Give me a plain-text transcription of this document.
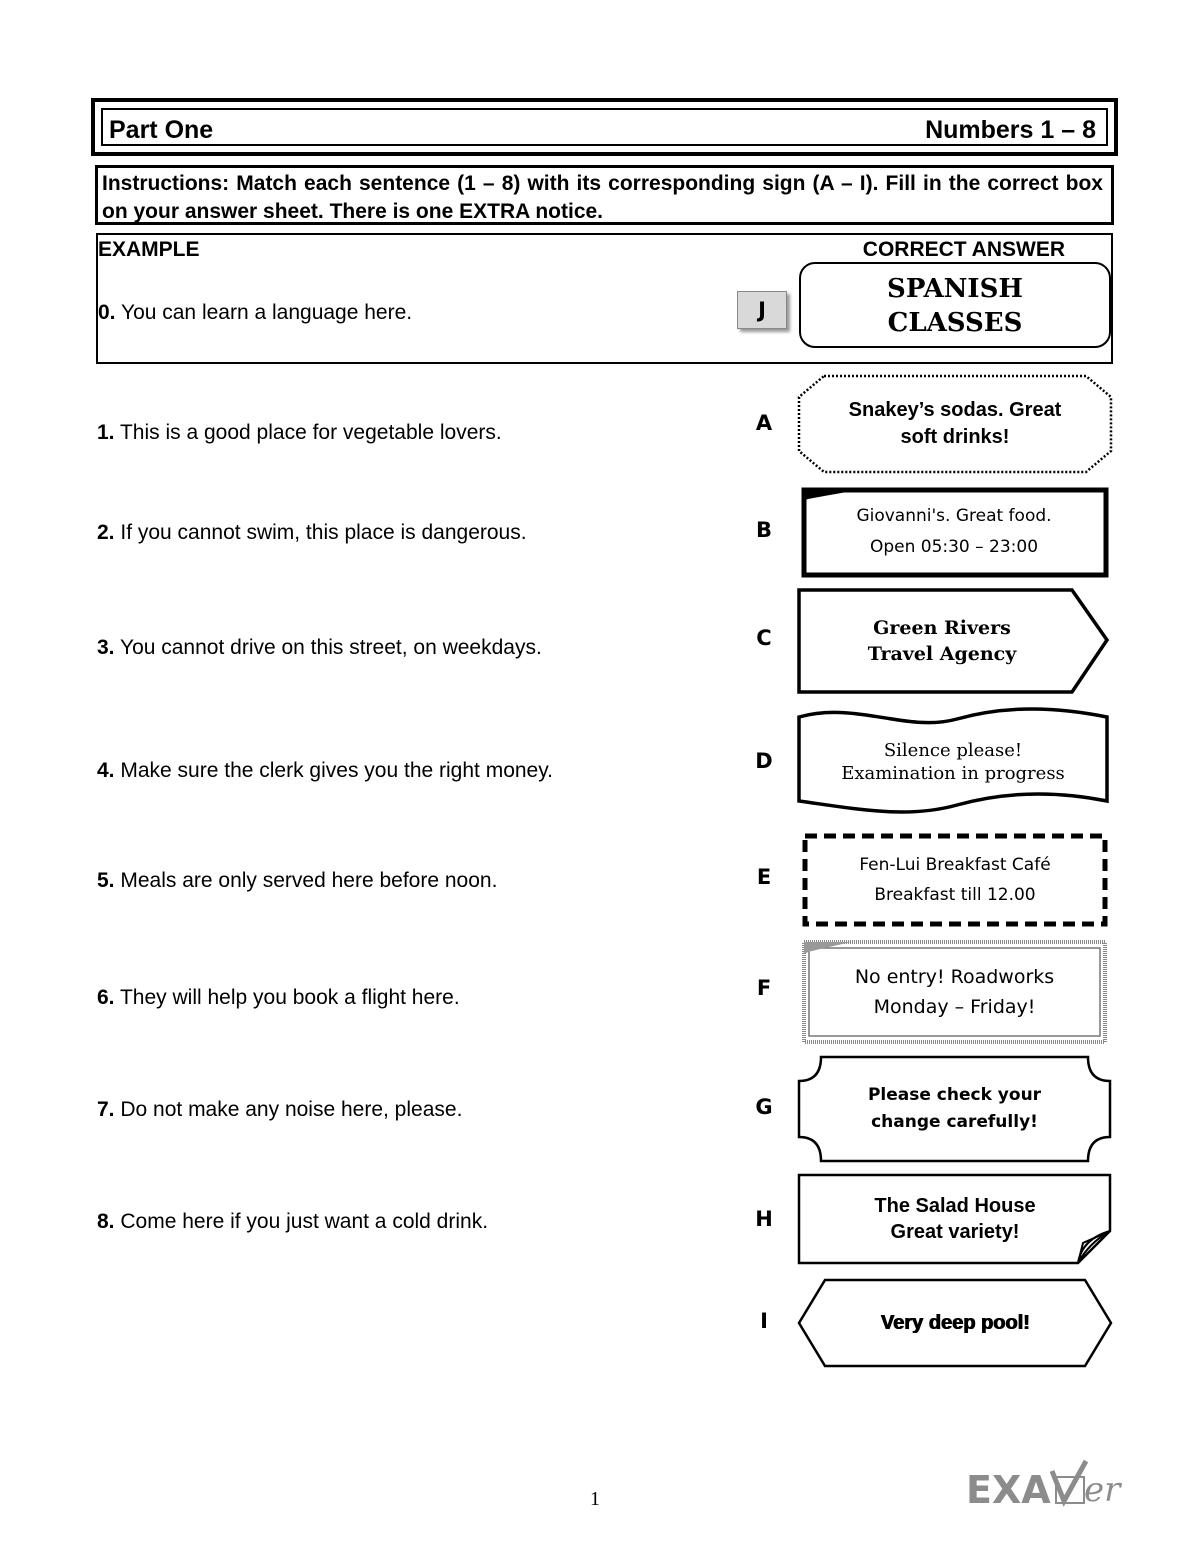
Part One	Numbers 1 – 8
Instructions: Match each sentence (1 – 8) with its corresponding sign (A – I). Fill in the correct box on your answer sheet. There is one EXTRA notice.
EXAMPLE	CORRECT ANSWER
0. You can learn a language here.	J
SPANISH
CLASSES
1. This is a good place for vegetable lovers.
2. If you cannot swim, this place is dangerous.
3. You cannot drive on this street, on weekdays.
4. Make sure the clerk gives you the right money.
5. Meals are only served here before noon.
6. They will help you book a flight here.
7. Do not make any noise here, please.
8. Come here if you just want a cold drink.
A
B
C
D
E
F
G
H
I
Snakey’s sodas. Great
soft drinks!
Giovanni's. Great food.
Open 05:30 – 23:00
Green Rivers
Travel Agency
Silence please!
Examination in progress
Fen-Lui Breakfast Café
Breakfast till 12.00
No entry! Roadworks
Monday – Friday!
Please check your
change carefully!
The Salad House
Great variety!
Very deep pool!
1	EXA er
